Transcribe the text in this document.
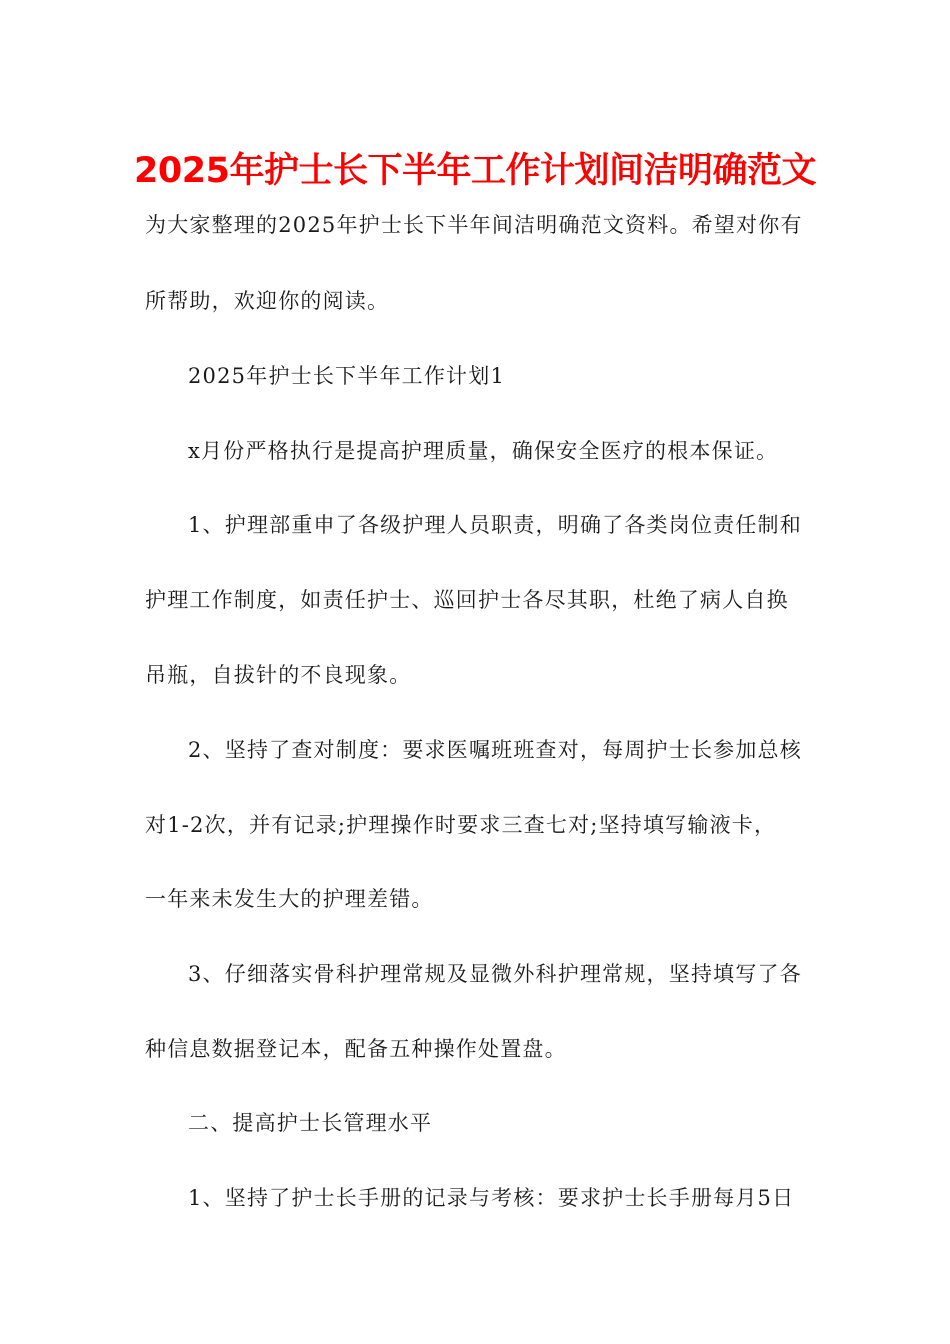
2025年护士长下半年工作计划间洁明确范文
为大家整理的2025年护士长下半年间洁明确范文资料。希望对你有
所帮助，欢迎你的阅读。
2025年护士长下半年工作计划1
x月份严格执行是提高护理质量，确保安全医疗的根本保证。
1、护理部重申了各级护理人员职责，明确了各类岗位责任制和
护理工作制度，如责任护士、巡回护士各尽其职，杜绝了病人自换
吊瓶，自拔针的不良现象。
2、坚持了查对制度：要求医嘱班班查对，每周护士长参加总核
对1-2次，并有记录;护理操作时要求三查七对;坚持填写输液卡，
一年来未发生大的护理差错。
3、仔细落实骨科护理常规及显微外科护理常规，坚持填写了各
种信息数据登记本，配备五种操作处置盘。
二、提高护士长管理水平
1、坚持了护士长手册的记录与考核：要求护士长手册每月5日
